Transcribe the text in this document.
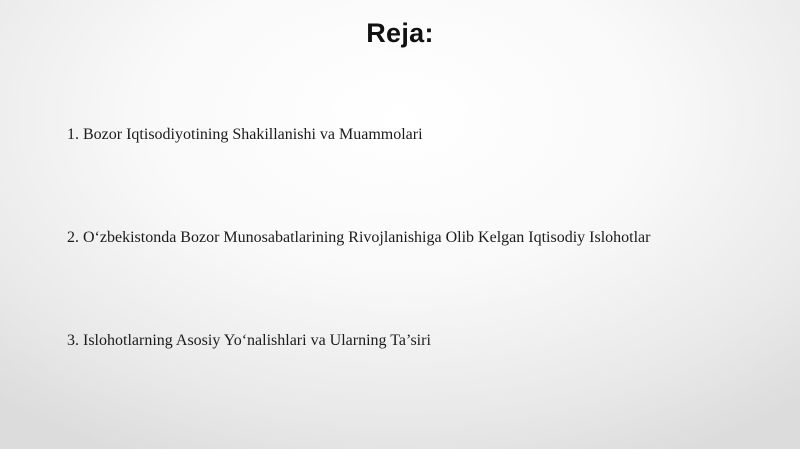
Reja:
1. Bozor Iqtisodiyotining Shakillanishi va Muammolari
2. O‘zbekistonda Bozor Munosabatlarining Rivojlanishiga Olib Kelgan Iqtisodiy Islohotlar
3. Islohotlarning Asosiy Yo‘nalishlari va Ularning Ta’siri
